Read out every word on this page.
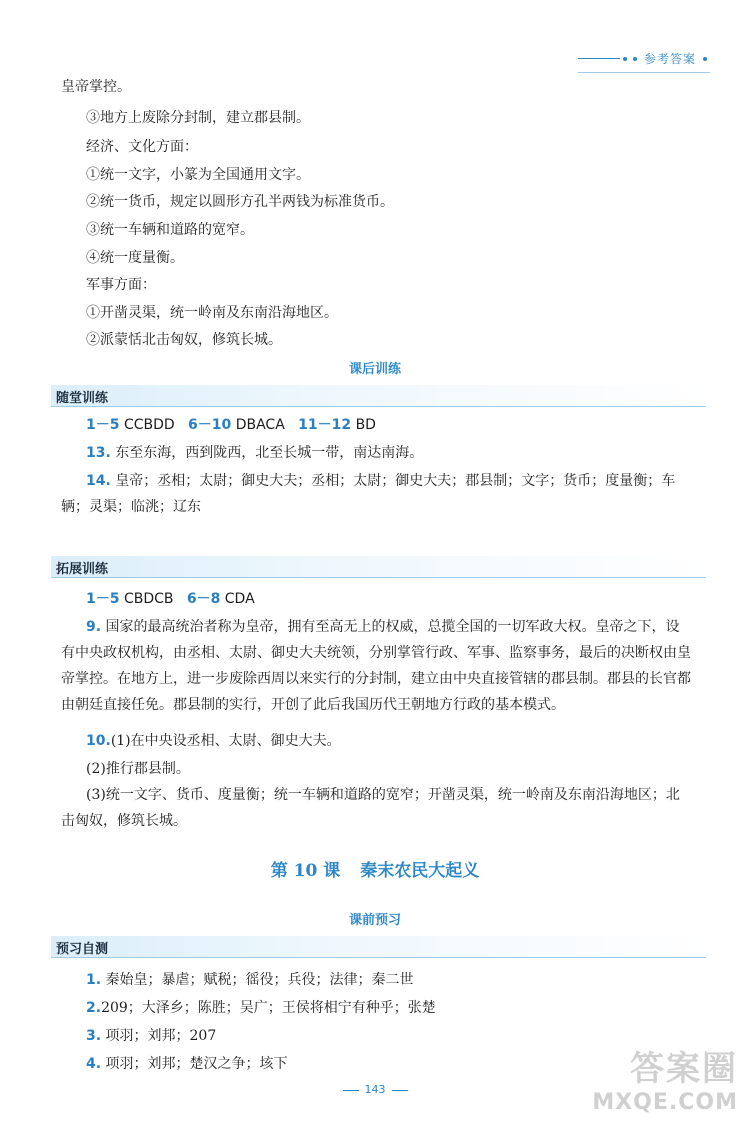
参考答案
皇帝掌控。
③地方上废除分封制，建立郡县制。
经济、文化方面：
①统一文字，小篆为全国通用文字。
②统一货币，规定以圆形方孔半两钱为标准货币。
③统一车辆和道路的宽窄。
④统一度量衡。
军事方面：
①开凿灵渠，统一岭南及东南沿海地区。
②派蒙恬北击匈奴，修筑长城。
课后训练
随堂训练
1－5 CCBDD 6－10 DBACA 11－12 BD
13. 东至东海，西到陇西，北至长城一带，南达南海。
14. 皇帝；丞相；太尉；御史大夫；丞相；太尉；御史大夫；郡县制；文字；货币；度量衡；车辆；灵渠；临洮；辽东
拓展训练
1－5 CBDCB 6－8 CDA
9. 国家的最高统治者称为皇帝，拥有至高无上的权威，总揽全国的一切军政大权。皇帝之下，设有中央政权机构，由丞相、太尉、御史大夫统领，分别掌管行政、军事、监察事务，最后的决断权由皇帝掌控。在地方上，进一步废除西周以来实行的分封制，建立由中央直接管辖的郡县制。郡县的长官都由朝廷直接任免。郡县制的实行，开创了此后我国历代王朝地方行政的基本模式。
10.(1)在中央设丞相、太尉、御史大夫。
(2)推行郡县制。
(3)统一文字、货币、度量衡；统一车辆和道路的宽窄；开凿灵渠，统一岭南及东南沿海地区；北击匈奴，修筑长城。
第 10 课 秦末农民大起义
课前预习
预习自测
1. 秦始皇；暴虐；赋税；徭役；兵役；法律；秦二世
2.209；大泽乡；陈胜；吴广；王侯将相宁有种乎；张楚
3. 项羽；刘邦；207
4. 项羽；刘邦；楚汉之争；垓下
143
答案圈
MXQE.COM
